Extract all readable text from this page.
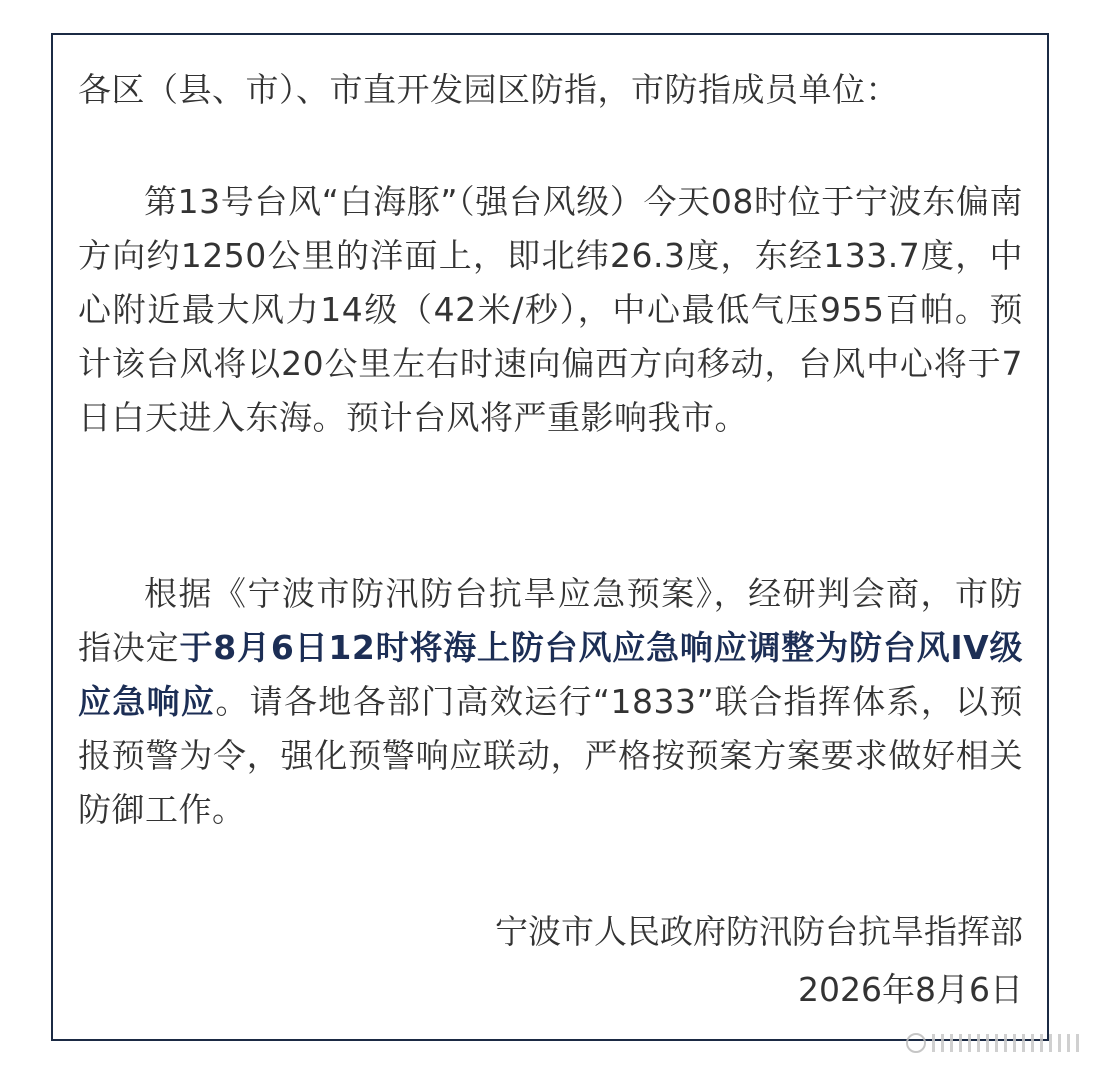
各区（县、市）、市直开发园区防指，市防指成员单位：

第13号台风“白海豚”（强台风级）今天08时位于宁波东偏南方向约1250公里的洋面上，即北纬26.3度，东经133.7度，中心附近最大风力14级（42米/秒），中心最低气压955百帕。预计该台风将以20公里左右时速向偏西方向移动，台风中心将于7日白天进入东海。预计台风将严重影响我市。

根据《宁波市防汛防台抗旱应急预案》，经研判会商，市防指决定于8月6日12时将海上防台风应急响应调整为防台风IV级应急响应。请各地各部门高效运行“1833”联合指挥体系，以预报预警为令，强化预警响应联动，严格按预案方案要求做好相关防御工作。

宁波市人民政府防汛防台抗旱指挥部

2026年8月6日
